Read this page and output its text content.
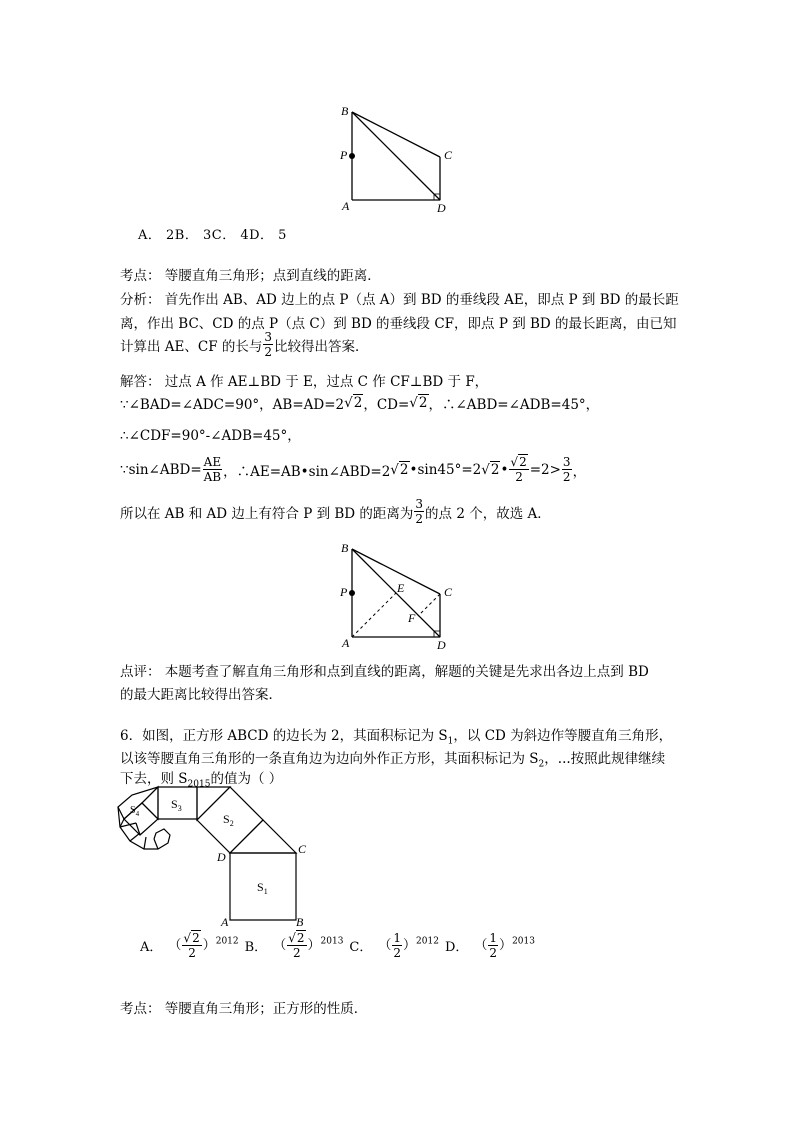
B
P	C
A	D
A． 2B． 3C． 4D． 5
考点： 等腰直角三角形；点到直线的距离．
分析： 首先作出 AB、AD 边上的点 P（点 A）到 BD 的垂线段 AE，即点 P 到 BD 的最长距
离，作出 BC、CD 的点 P（点 C）到 BD 的垂线段 CF，即点 P 到 BD 的最长距离，由已知
计算出 AE、CF 的长与 $\frac{3}{2}$ 比较得出答案．
解答： 过点 A 作 AE⊥BD 于 E，过点 C 作 CF⊥BD 于 F，
∵∠BAD=∠ADC=90°，AB=AD=2 √2 ，CD= √2 ，∴∠ABD=∠ADB=45°，
∴∠CDF=90°-∠ADB=45°，
∵sin∠ABD= $\frac{AE}{AB}$ ，∴AE=AB•sin∠ABD=2 √2 •sin45°=2 √2 • $\frac{√2}{2} =2> \frac{3}{2}$ ，
所以在 AB 和 AD 边上有符合 P 到 BD 的距离为 $\frac{3}{2}$ 的点 2 个，故选 A．
B
P	E	C
F
A	D
点评： 本题考查了解直角三角形和点到直线的距离，解题的关键是先求出各边上点到 BD
的最大距离比较得出答案．
6．如图，正方形 ABCD 的边长为 2，其面积标记为 $S_1$，以 CD 为斜边作等腰直角三角形，
以该等腰直角三角形的一条直角边为边向外作正方形，其面积标记为 $S_2$，...按照此规律继续
下去，则 $S_{2015}$的值为（ ）
$S_1$
$S_2$
$S_3$
$S_4$
D
C
A	B
A． （ $\frac{√2}{2} )^{2012}$ B． （ $\frac{√2}{2} )^{2013}$ C． （ $\frac{1}{2} )^{2012}$ D． （ $\frac{1}{2} )^{2013}$
考点： 等腰直角三角形；正方形的性质．
